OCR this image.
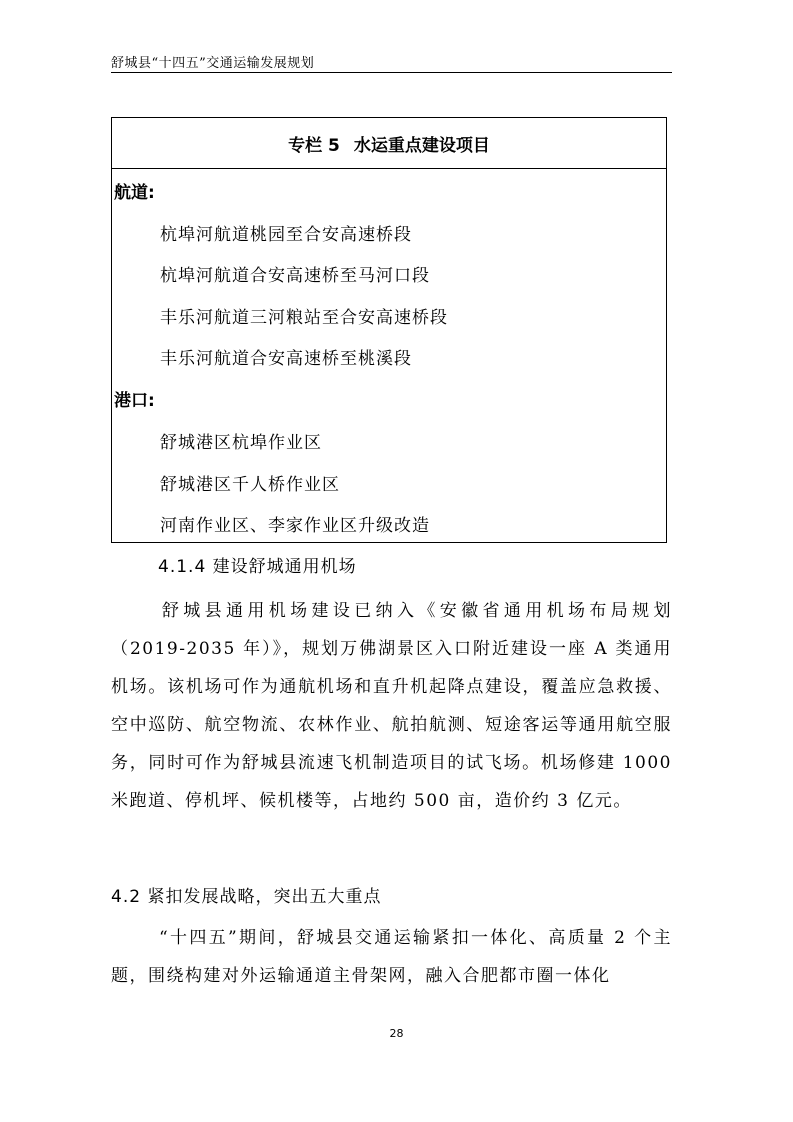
舒城县“十四五”交通运输发展规划
专栏 5 水运重点建设项目
航道:
杭埠河航道桃园至合安高速桥段
杭埠河航道合安高速桥至马河口段
丰乐河航道三河粮站至合安高速桥段
丰乐河航道合安高速桥至桃溪段
港口:
舒城港区杭埠作业区
舒城港区千人桥作业区
河南作业区、李家作业区升级改造
4.1.4 建设舒城通用机场
舒城县通用机场建设已纳入《安徽省通用机场布局规划（2019-2035 年）》，规划万佛湖景区入口附近建设一座 A 类通用机场。该机场可作为通航机场和直升机起降点建设，覆盖应急救援、空中巡防、航空物流、农林作业、航拍航测、短途客运等通用航空服务，同时可作为舒城县流速飞机制造项目的试飞场。机场修建 1000 米跑道、停机坪、候机楼等，占地约 500 亩，造价约 3 亿元。
4.2 紧扣发展战略，突出五大重点
“十四五”期间，舒城县交通运输紧扣一体化、高质量 2 个主题，围绕构建对外运输通道主骨架网，融入合肥都市圈一体化
28
